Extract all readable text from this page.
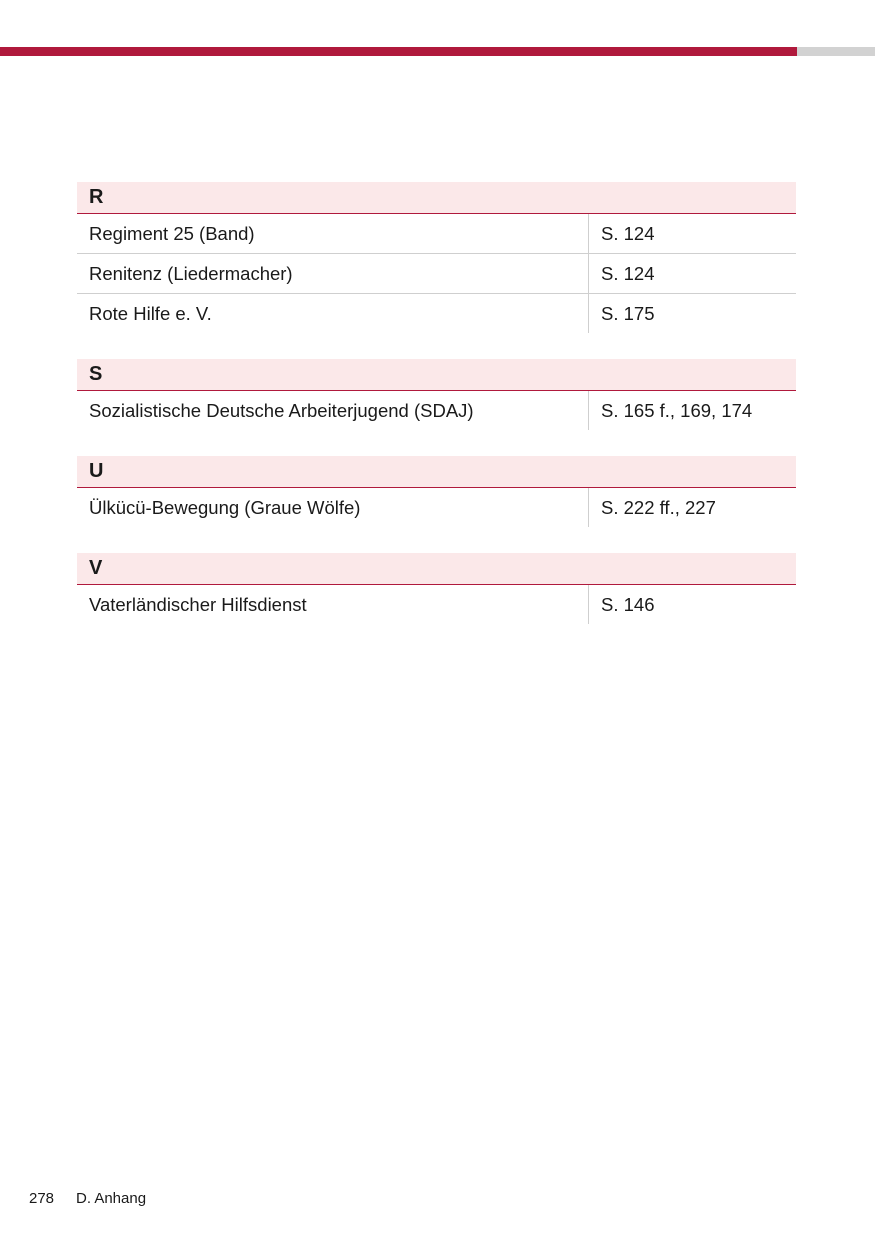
R
Regiment 25 (Band)	S. 124
Renitenz (Liedermacher)	S. 124
Rote Hilfe e. V.	S. 175
S
Sozialistische Deutsche Arbeiterjugend (SDAJ)	S. 165 f., 169, 174
U
Ülkücü-Bewegung (Graue Wölfe)	S. 222 ff., 227
V
Vaterländischer Hilfsdienst	S. 146
278	D. Anhang
